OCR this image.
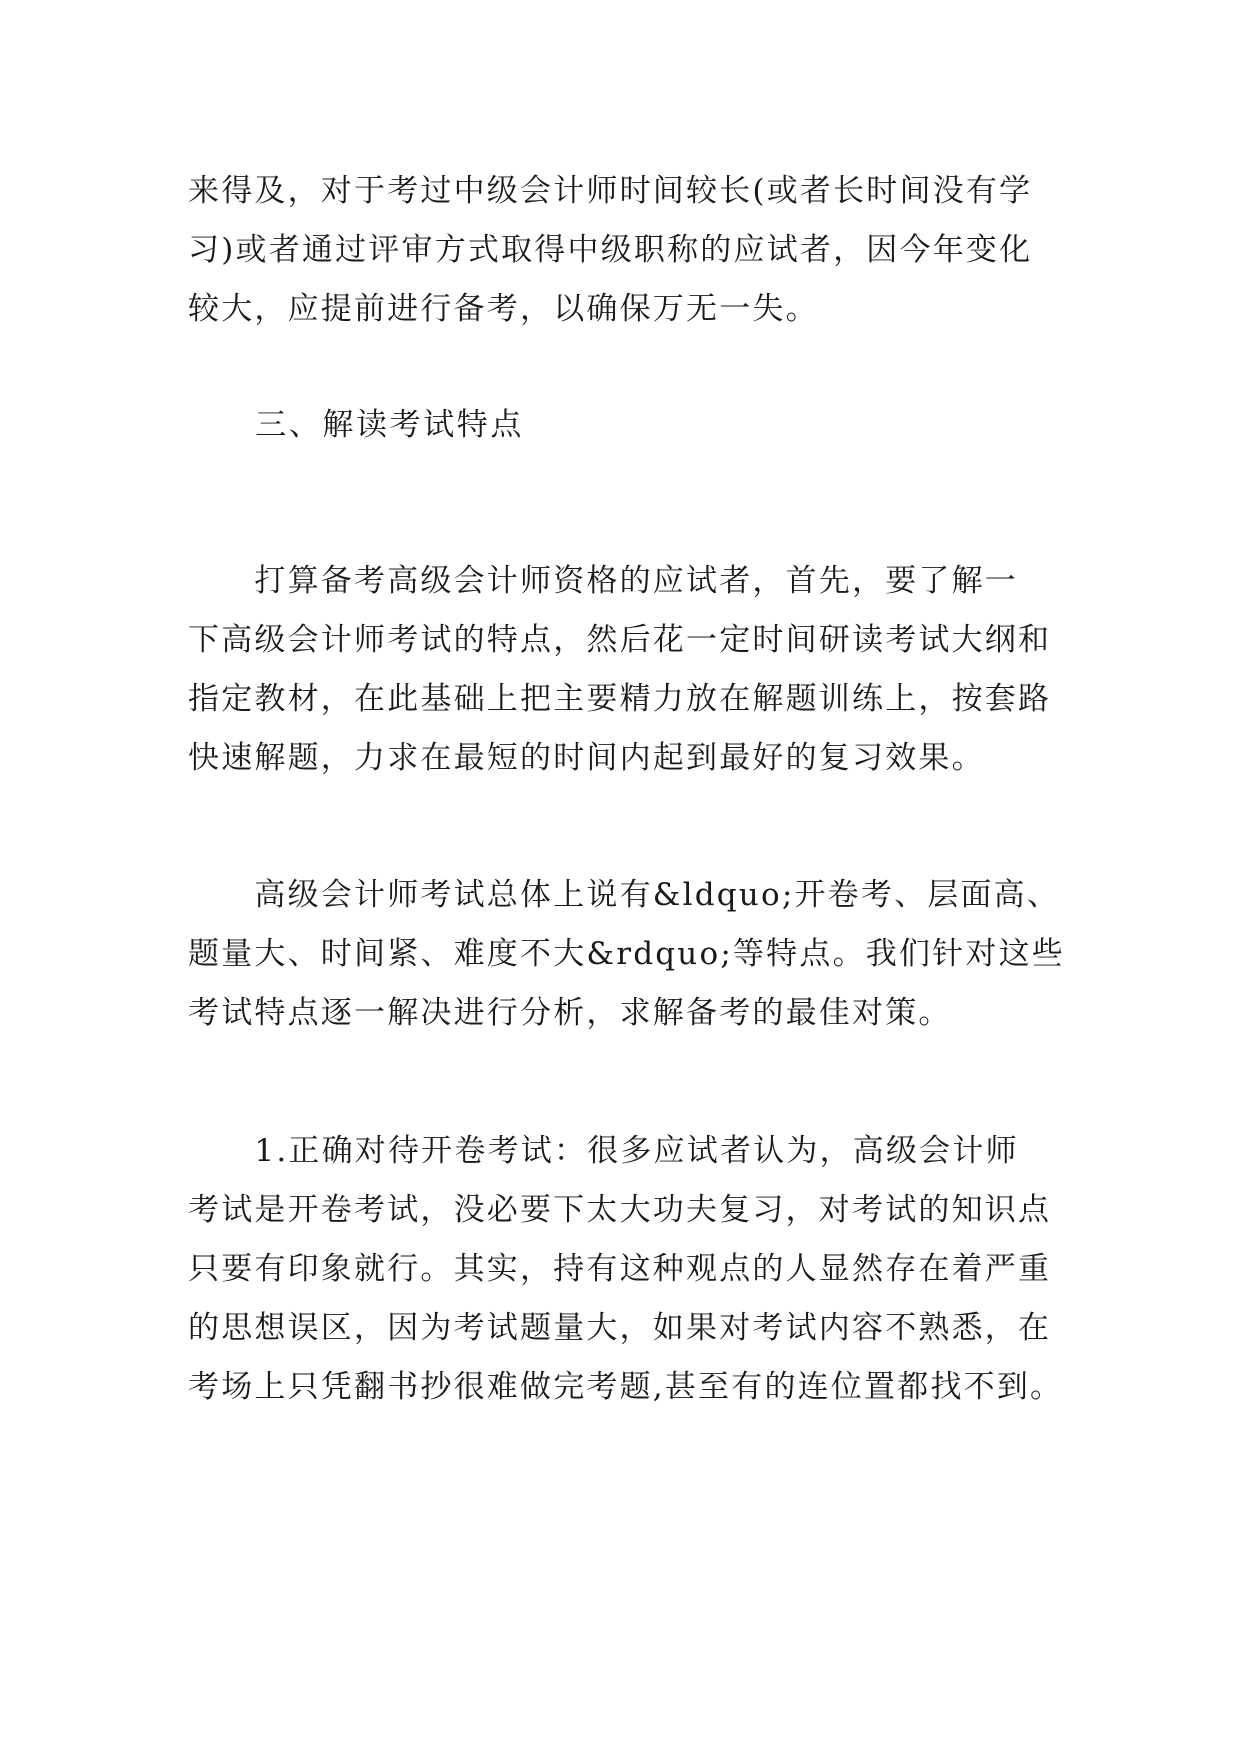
来得及，对于考过中级会计师时间较长(或者长时间没有学
习)或者通过评审方式取得中级职称的应试者，因今年变化
较大，应提前进行备考，以确保万无一失。

　　三、解读考试特点

　　打算备考高级会计师资格的应试者，首先，要了解一
下高级会计师考试的特点，然后花一定时间研读考试大纲和
指定教材，在此基础上把主要精力放在解题训练上，按套路
快速解题，力求在最短的时间内起到最好的复习效果。

　　高级会计师考试总体上说有&ldquo;开卷考、层面高、
题量大、时间紧、难度不大&rdquo;等特点。我们针对这些
考试特点逐一解决进行分析，求解备考的最佳对策。

　　1.正确对待开卷考试：很多应试者认为，高级会计师
考试是开卷考试，没必要下太大功夫复习，对考试的知识点
只要有印象就行。其实，持有这种观点的人显然存在着严重
的思想误区，因为考试题量大，如果对考试内容不熟悉，在
考场上只凭翻书抄很难做完考题,甚至有的连位置都找不到。
